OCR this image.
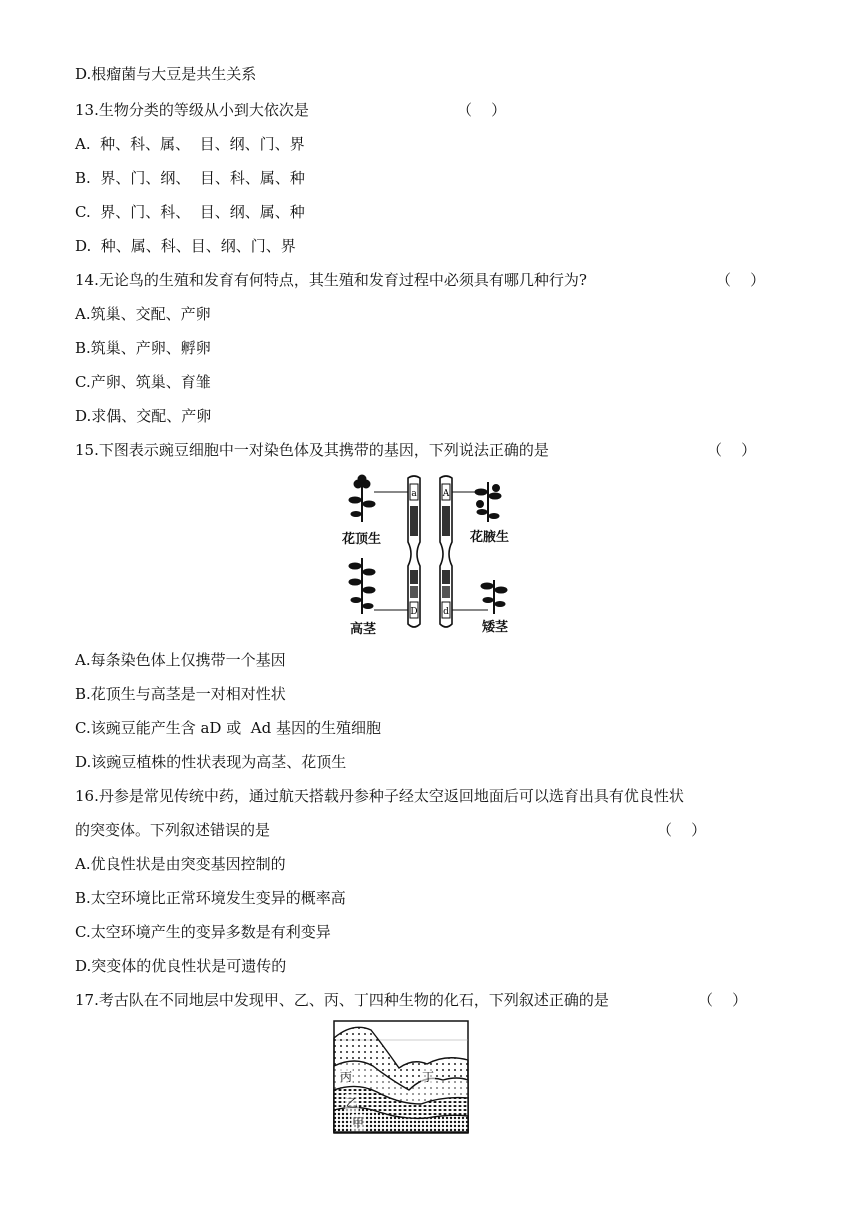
D.根瘤菌与大豆是共生关系
13.生物分类的等级从小到大依次是	（    ）
A.  种、科、属、  目、纲、门、界
B.  界、门、纲、  目、科、属、种
C.  界、门、科、  目、纲、属、种
D.  种、属、科、目、纲、门、界
14.无论鸟的生殖和发育有何特点，其生殖和发育过程中必须具有哪几种行为?	（    ）
A.筑巢、交配、产卵
B.筑巢、产卵、孵卵
C.产卵、筑巢、育雏
D.求偶、交配、产卵
15.下图表示豌豆细胞中一对染色体及其携带的基因，下列说法正确的是	（    ）
A.每条染色体上仅携带一个基因
B.花顶生与高茎是一对相对性状
C.该豌豆能产生含 aD 或  Ad 基因的生殖细胞
D.该豌豆植株的性状表现为高茎、花顶生
16.丹参是常见传统中药，通过航天搭载丹参种子经太空返回地面后可以选育出具有优良性状
的突变体。下列叙述错误的是	（    ）
A.优良性状是由突变基因控制的
B.太空环境比正常环境发生变异的概率高
C.太空环境产生的变异多数是有利变异
D.突变体的优良性状是可遗传的
17.考古队在不同地层中发现甲、乙、丙、丁四种生物的化石，下列叙述正确的是	（    ）
a	A
D	d
花顶生	花腋生
高茎	矮茎
丙	丁
乙
甲
